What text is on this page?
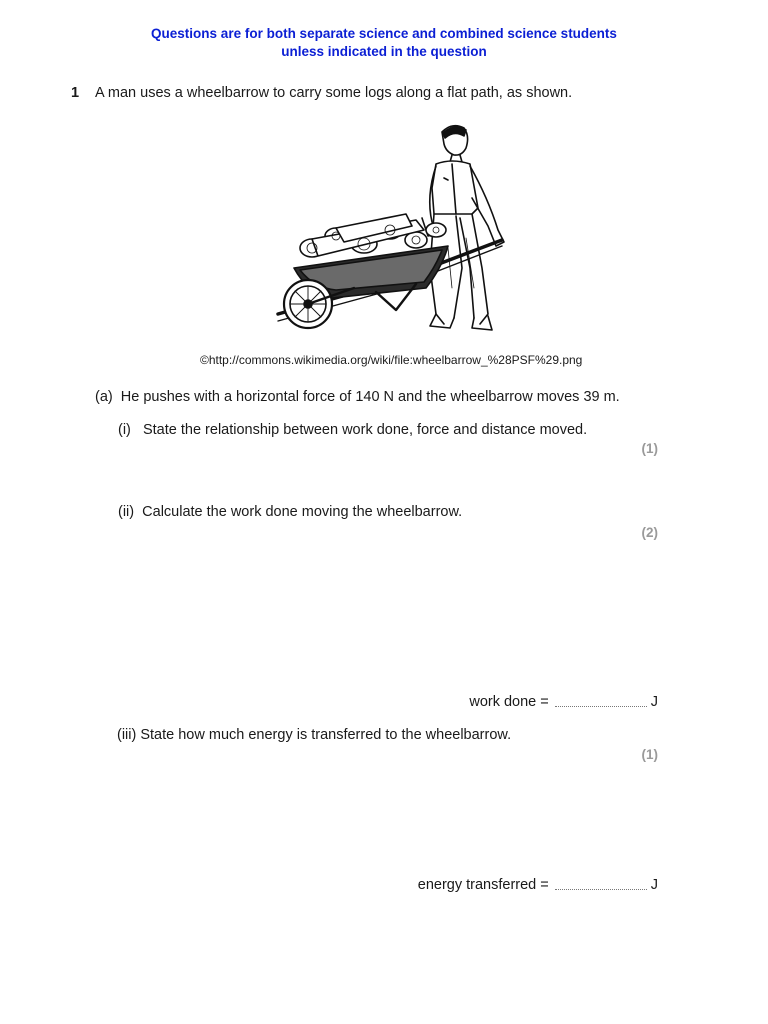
Questions are for both separate science and combined science students
unless indicated in the question
1 A man uses a wheelbarrow to carry some logs along a flat path, as shown.
©http://commons.wikimedia.org/wiki/file:wheelbarrow_%28PSF%29.png
(a) He pushes with a horizontal force of 140 N and the wheelbarrow moves 39 m.
(i) State the relationship between work done, force and distance moved.
(1)
(ii) Calculate the work done moving the wheelbarrow.
(2)
work done =	J
(iii) State how much energy is transferred to the wheelbarrow.
(1)
energy transferred =	J
